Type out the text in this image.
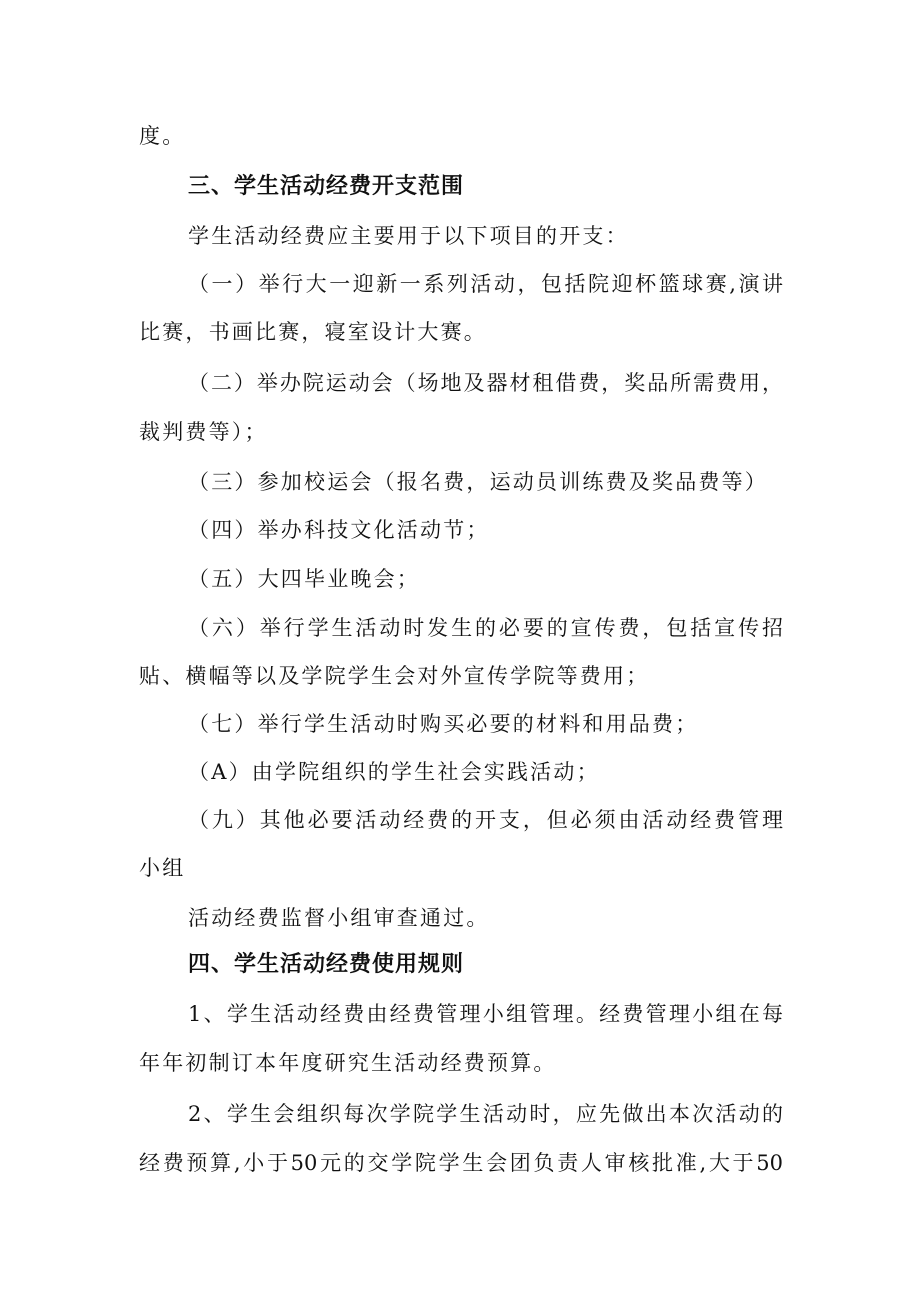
度。
三、学生活动经费开支范围
学生活动经费应主要用于以下项目的开支：
（一）举行大一迎新一系列活动，包括院迎杯篮球赛,演讲
比赛，书画比赛，寝室设计大赛。
（二）举办院运动会（场地及器材租借费，奖品所需费用，
裁判费等）；
（三）参加校运会（报名费，运动员训练费及奖品费等）
（四）举办科技文化活动节；
（五）大四毕业晚会；
（六）举行学生活动时发生的必要的宣传费，包括宣传招
贴、横幅等以及学院学生会对外宣传学院等费用；
（七）举行学生活动时购买必要的材料和用品费；
（A）由学院组织的学生社会实践活动；
（九）其他必要活动经费的开支，但必须由活动经费管理
小组
活动经费监督小组审查通过。
四、学生活动经费使用规则
1、学生活动经费由经费管理小组管理。经费管理小组在每
年年初制订本年度研究生活动经费预算。
2、学生会组织每次学院学生活动时，应先做出本次活动的
经费预算,小于50元的交学院学生会团负责人审核批准,大于50
